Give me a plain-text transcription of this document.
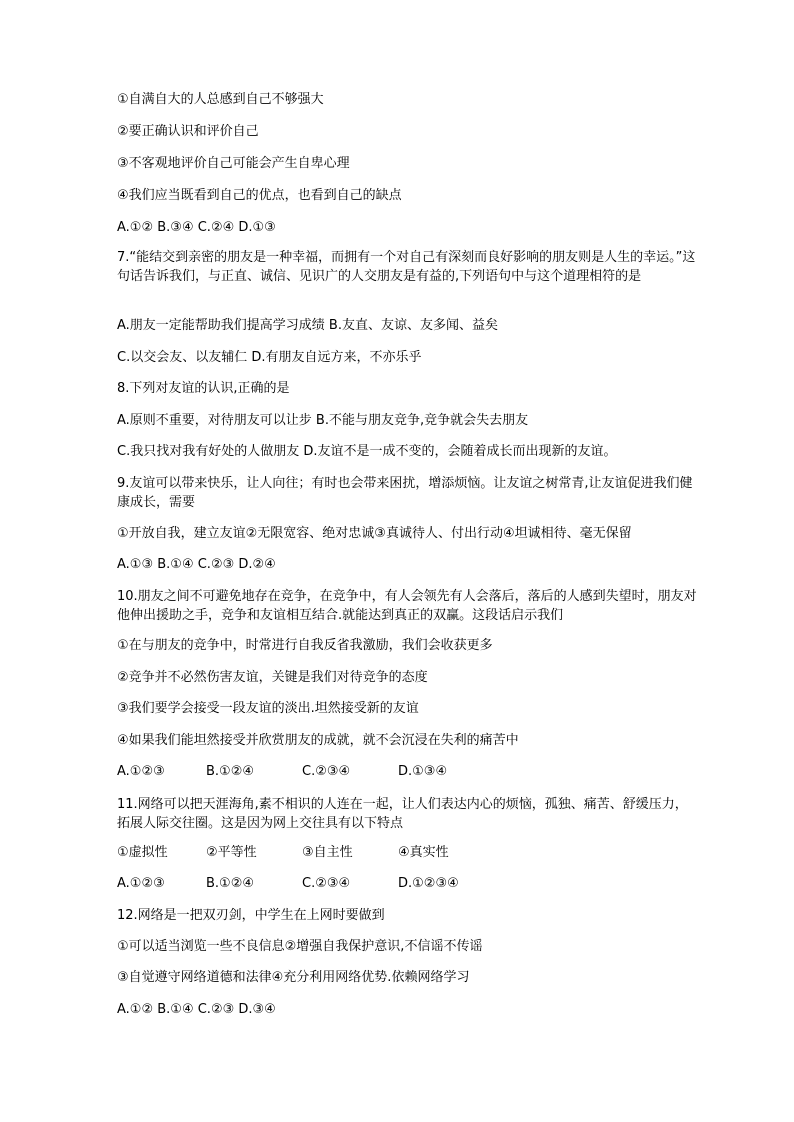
①自满自大的人总感到自己不够强大
②要正确认识和评价自己
③不客观地评价自己可能会产生自卑心理
④我们应当既看到自己的优点，也看到自己的缺点
A.①② B.③④ C.②④ D.①③
7.“能结交到亲密的朋友是一种幸福，而拥有一个对自己有深刻而良好影响的朋友则是人生的幸运。”这句话告诉我们，与正直、诚信、见识广的人交朋友是有益的,下列语句中与这个道理相符的是
A.朋友一定能帮助我们提高学习成绩 B.友直、友谅、友多闻、益矣
C.以交会友、以友辅仁 D.有朋友自远方来，不亦乐乎
8.下列对友谊的认识,正确的是
A.原则不重要，对待朋友可以让步 B.不能与朋友竞争,竞争就会失去朋友
C.我只找对我有好处的人做朋友 D.友谊不是一成不变的，会随着成长而出现新的友谊。
9.友谊可以带来快乐，让人向往；有时也会带来困扰，增添烦恼。让友谊之树常青,让友谊促进我们健康成长，需要
①开放自我，建立友谊②无限宽容、绝对忠诚③真诚待人、付出行动④坦诚相待、毫无保留
A.①③ B.①④ C.②③ D.②④
10.朋友之间不可避免地存在竞争，在竞争中，有人会领先有人会落后，落后的人感到失望时，朋友对他伸出援助之手，竞争和友谊相互结合.就能达到真正的双赢。这段话启示我们
①在与朋友的竞争中，时常进行自我反省我激励，我们会收获更多
②竞争并不必然伤害友谊，关键是我们对待竞争的态度
③我们要学会接受一段友谊的淡出.坦然接受新的友谊
④如果我们能坦然接受并欣赏朋友的成就，就不会沉浸在失利的痛苦中
A.①②③	B.①②④	C.②③④	D.①③④
11.网络可以把天涯海角,素不相识的人连在一起，让人们表达内心的烦恼，孤独、痛苦、舒缓压力，拓展人际交往圈。这是因为网上交往具有以下特点
①虚拟性	②平等性	③自主性	④真实性
A.①②③	B.①②④	C.②③④	D.①②③④
12.网络是一把双刃剑，中学生在上网时要做到
①可以适当浏览一些不良信息②增强自我保护意识,不信谣不传谣
③自觉遵守网络道德和法律④充分利用网络优势.依赖网络学习
A.①② B.①④ C.②③ D.③④
